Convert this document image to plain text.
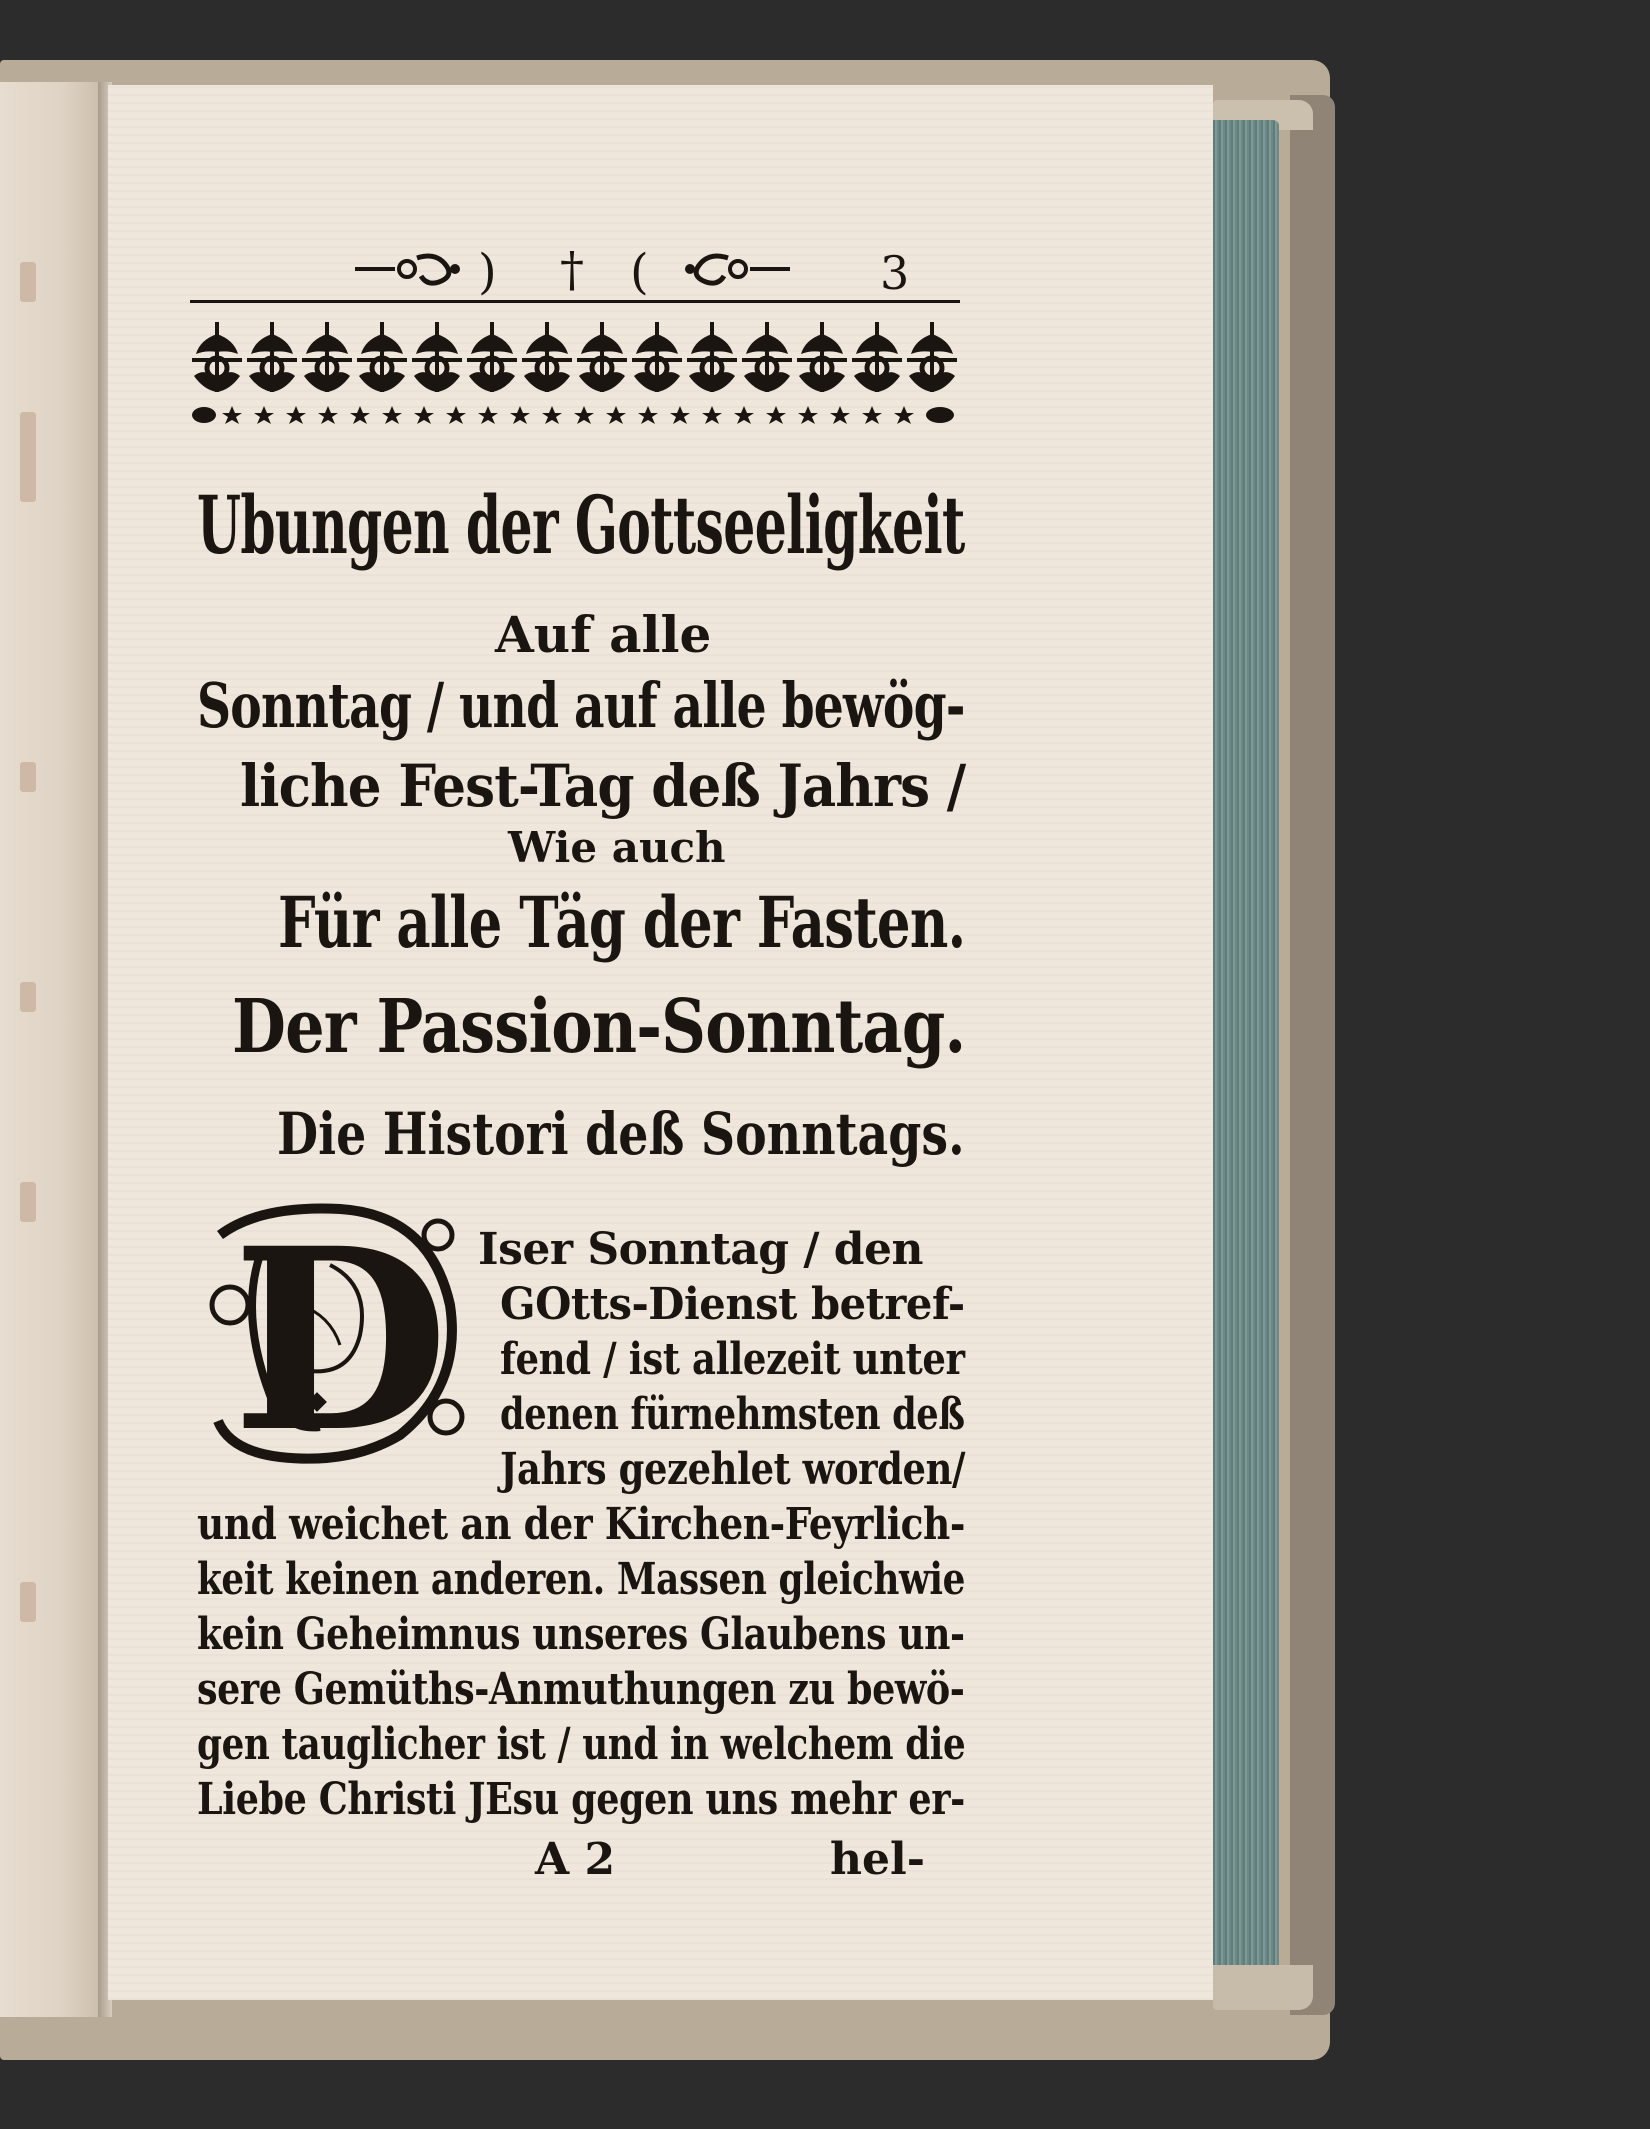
) † (	3
Ubungen der Gottseeligkeit
Auf alle
Sonntag / und auf alle bewög-
liche Fest-Tag deß Jahrs /
Wie auch
Für alle Täg der Fasten.
Der Passion-Sonntag.
Die Histori deß Sonntags.
D Iser Sonntag / den
GOtts-Dienst betref-
fend / ist allezeit unter
denen fürnehmsten deß
Jahrs gezehlet worden/
und weichet an der Kirchen-Feyrlich-
keit keinen anderen. Massen gleichwie
kein Geheimnus unseres Glaubens un-
sere Gemüths-Anmuthungen zu bewö-
gen tauglicher ist / und in welchem die
Liebe Christi JEsu gegen uns mehr er-
A 2	hel-
